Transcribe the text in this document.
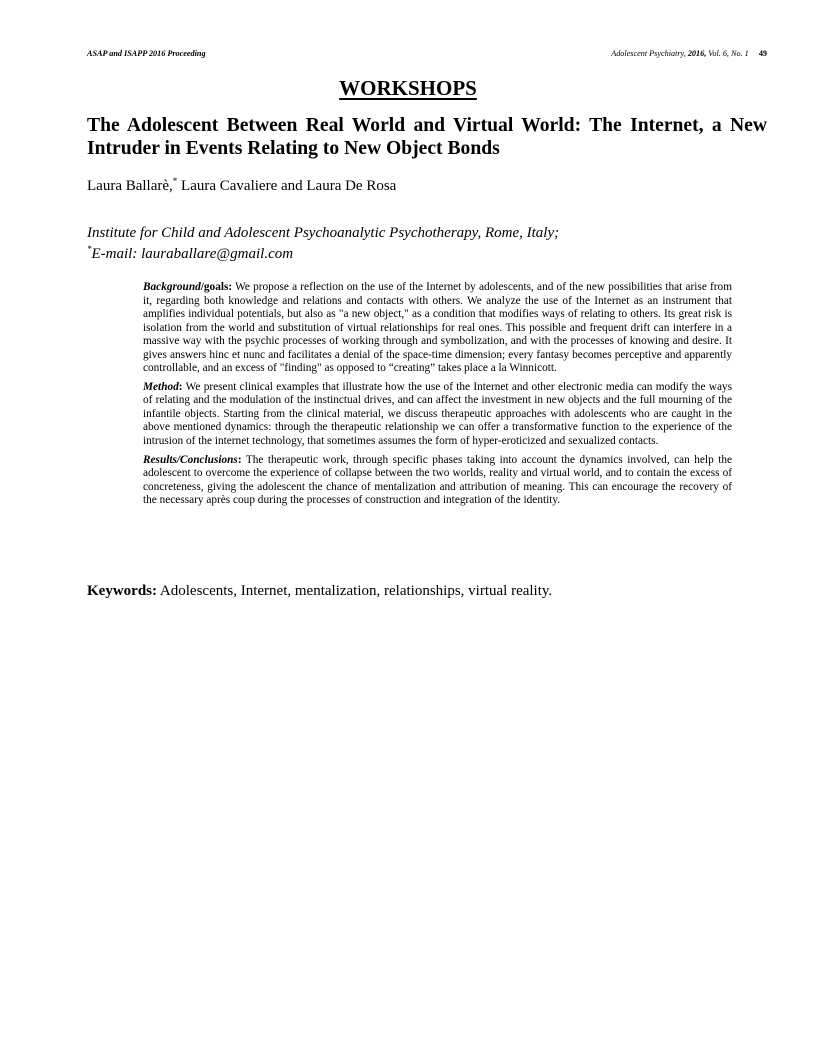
ASAP and ISAPP 2016 Proceeding	Adolescent Psychiatry, 2016, Vol. 6, No. 1 49
WORKSHOPS
The Adolescent Between Real World and Virtual World: The Internet, a New Intruder in Events Relating to New Object Bonds
Laura Ballarè,* Laura Cavaliere and Laura De Rosa
Institute for Child and Adolescent Psychoanalytic Psychotherapy, Rome, Italy;
*E-mail: lauraballare@gmail.com

Background/goals: We propose a reflection on the use of the Internet by adolescents, and of the new possibilities that arise from it, regarding both knowledge and relations and contacts with others. We analyze the use of the Internet as an instrument that amplifies individual potentials, but also as "a new object," as a condition that modifies ways of relating to others. Its great risk is isolation from the world and substitution of virtual relationships for real ones. This possible and frequent drift can interfere in a massive way with the psychic processes of working through and symbolization, and with the processes of knowing and desire. It gives answers hinc et nunc and facilitates a denial of the space-time dimension; every fantasy becomes perceptive and apparently controllable, and an excess of "finding" as opposed to “creating” takes place a la Winnicott.

Method: We present clinical examples that illustrate how the use of the Internet and other electronic media can modify the ways of relating and the modulation of the instinctual drives, and can affect the investment in new objects and the full mourning of the infantile objects. Starting from the clinical material, we discuss therapeutic approaches with adolescents who are caught in the above mentioned dynamics: through the therapeutic relationship we can offer a transformative function to the experience of the intrusion of the internet technology, that sometimes assumes the form of hyper-eroticized and sexualized contacts.

Results/Conclusions: The therapeutic work, through specific phases taking into account the dynamics involved, can help the adolescent to overcome the experience of collapse between the two worlds, reality and virtual world, and to contain the excess of concreteness, giving the adolescent the chance of mentalization and attribution of meaning. This can encourage the recovery of the necessary après coup during the processes of construction and integration of the identity.

Keywords: Adolescents, Internet, mentalization, relationships, virtual reality.
